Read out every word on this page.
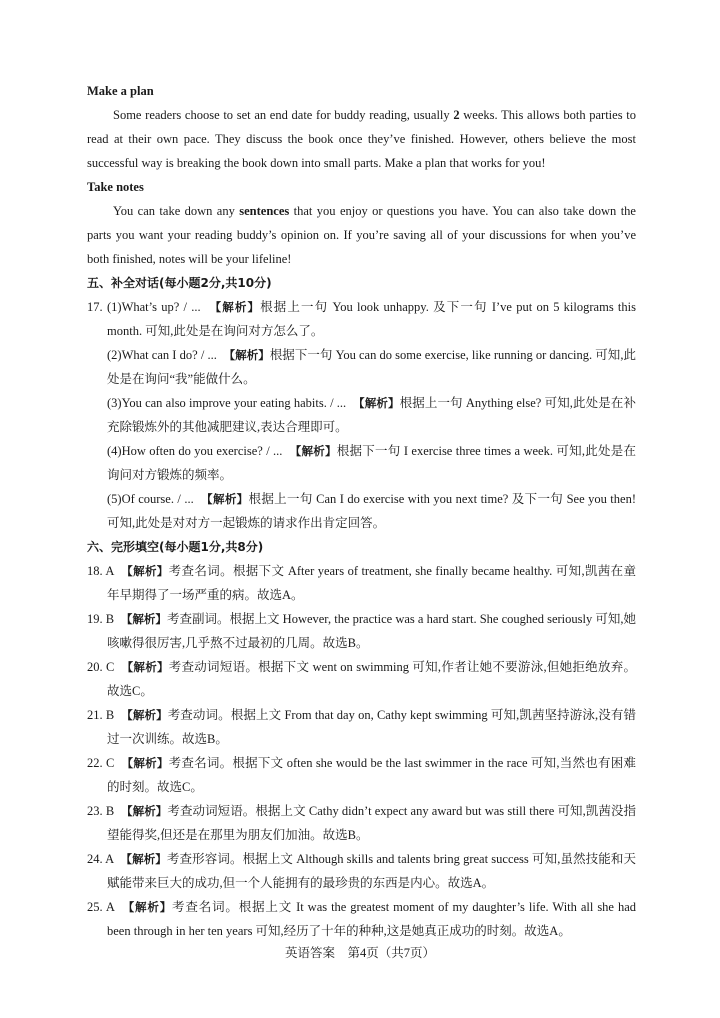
Make a plan
Some readers choose to set an end date for buddy reading, usually 2 weeks. This allows both parties to read at their own pace. They discuss the book once they’ve finished. However, others believe the most successful way is breaking the book down into small parts. Make a plan that works for you!
Take notes
You can take down any sentences that you enjoy or questions you have. You can also take down the parts you want your reading buddy’s opinion on. If you’re saving all of your discussions for when you’ve both finished, notes will be your lifeline!
五、补全对话(每小题2分,共10分)
17. (1)What’s up? / ...　【解析】根据上一句 You look unhappy. 及下一句 I’ve put on 5 kilograms this month. 可知,此处是在询问对方怎么了。
(2)What can I do? / ...　【解析】根据下一句 You can do some exercise, like running or dancing. 可知,此处是在询问“我”能做什么。
(3)You can also improve your eating habits. / ...　【解析】根据上一句 Anything else? 可知,此处是在补充除锻炼外的其他减肥建议,表达合理即可。
(4)How often do you exercise? / ...　【解析】根据下一句 I exercise three times a week. 可知,此处是在询问对方锻炼的频率。
(5)Of course. / ...　【解析】根据上一句 Can I do exercise with you next time? 及下一句 See you then! 可知,此处是对对方一起锻炼的请求作出肯定回答。
六、完形填空(每小题1分,共8分)
18. A　 【解析】考查名词。根据下文 After years of treatment, she finally became healthy. 可知,凯茜在童年早期得了一场严重的病。故选A。
19. B　 【解析】考查副词。根据上文 However, the practice was a hard start. She coughed seriously 可知,她咳嗽得很厉害,几乎熬不过最初的几周。故选B。
20. C　 【解析】考查动词短语。根据下文 went on swimming 可知,作者让她不要游泳,但她拒绝放弃。故选C。
21. B　 【解析】考查动词。根据上文 From that day on, Cathy kept swimming 可知,凯茜坚持游泳,没有错过一次训练。故选B。
22. C　 【解析】考查名词。根据下文 often she would be the last swimmer in the race 可知,当然也有困难的时刻。故选C。
23. B　 【解析】考查动词短语。根据上文 Cathy didn’t expect any award but was still there 可知,凯茜没指望能得奖,但还是在那里为朋友们加油。故选B。
24. A　 【解析】考查形容词。根据上文 Although skills and talents bring great success 可知,虽然技能和天赋能带来巨大的成功,但一个人能拥有的最珍贵的东西是内心。故选A。
25. A　 【解析】考查名词。根据上文 It was the greatest moment of my daughter’s life. With all she had been through in her ten years 可知,经历了十年的种种,这是她真正成功的时刻。故选A。
英语答案　第4页（共7页）
